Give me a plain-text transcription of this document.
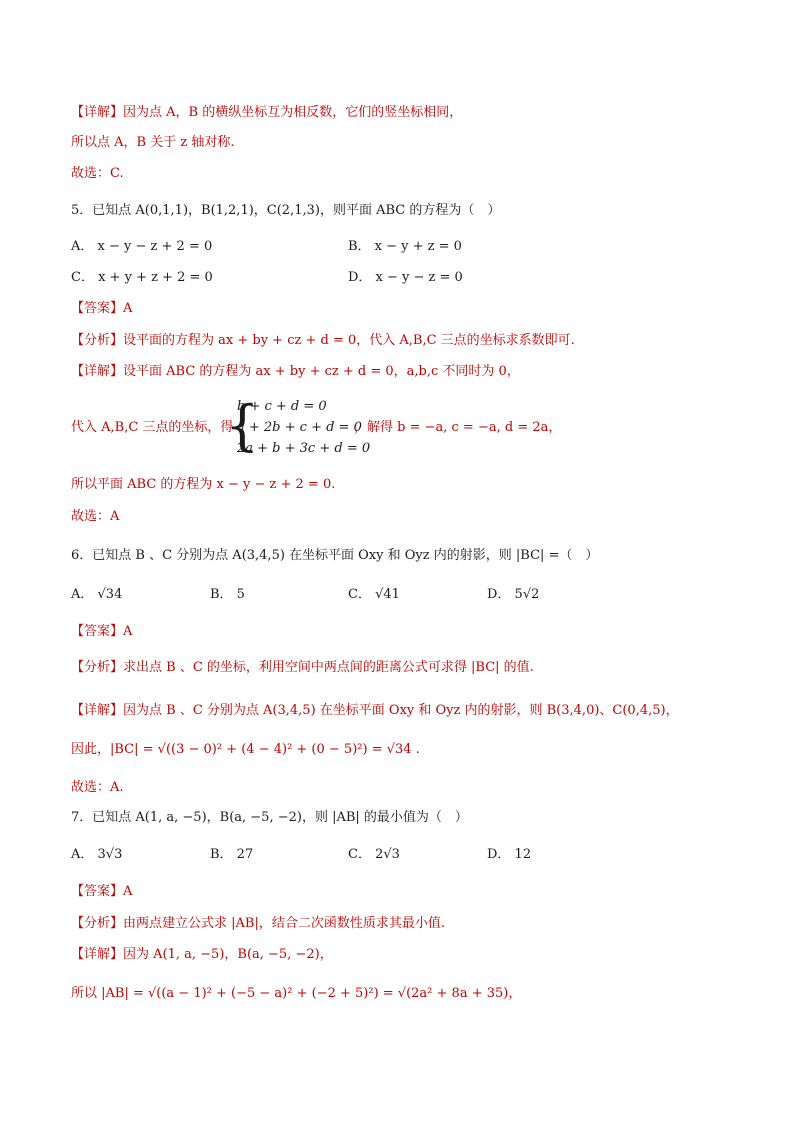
【详解】因为点 A，B 的横纵坐标互为相反数，它们的竖坐标相同，
所以点 A，B 关于 z 轴对称.
故选：C.
5．已知点 A(0,1,1)，B(1,2,1)，C(2,1,3)，则平面 ABC 的方程为（　）
A． x − y − z + 2 = 0	B． x − y + z = 0
C． x + y + z + 2 = 0	D． x − y − z = 0
【答案】A
【分析】设平面的方程为 ax + by + cz + d = 0，代入 A,B,C 三点的坐标求系数即可.
【详解】设平面 ABC 的方程为 ax + by + cz + d = 0，a,b,c 不同时为 0，
代入 A,B,C 三点的坐标，得
{
b + c + d = 0
a + 2b + c + d = 0
2a + b + 3c + d = 0
，解得 b = −a, c = −a, d = 2a，
所以平面 ABC 的方程为 x − y − z + 2 = 0.
故选：A
6．已知点 B 、C 分别为点 A(3,4,5) 在坐标平面 Oxy 和 Oyz 内的射影，则 |BC| =（　）
A． √34	B． 5	C． √41	D． 5√2
【答案】A
【分析】求出点 B 、C 的坐标，利用空间中两点间的距离公式可求得 |BC| 的值.
【详解】因为点 B 、C 分别为点 A(3,4,5) 在坐标平面 Oxy 和 Oyz 内的射影，则 B(3,4,0)、C(0,4,5)，
因此，|BC| = √((3 − 0)² + (4 − 4)² + (0 − 5)²) = √34 .
故选：A.
7．已知点 A(1, a, −5)，B(a, −5, −2)，则 |AB| 的最小值为（　）
A． 3√3	B． 27	C． 2√3	D． 12
【答案】A
【分析】由两点建立公式求 |AB|，结合二次函数性质求其最小值.
【详解】因为 A(1, a, −5)，B(a, −5, −2)，
所以 |AB| = √((a − 1)² + (−5 − a)² + (−2 + 5)²) = √(2a² + 8a + 35)，
